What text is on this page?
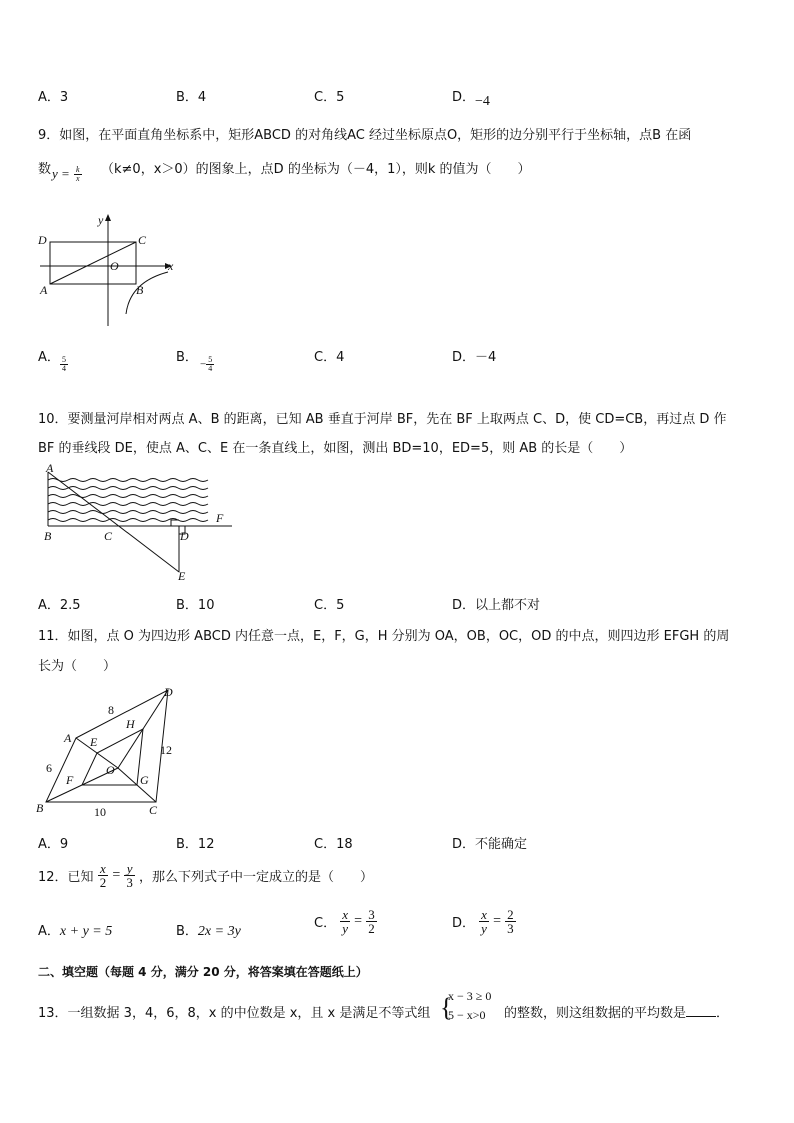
A．3	B．4	C．5	D．−4
9．如图，在平面直角坐标系中，矩形ABCD 的对角线AC 经过坐标原点O，矩形的边分别平行于坐标轴，点B 在函
数	（k≠0，x＞0）的图象上，点D 的坐标为（－4，1），则k 的值为（　　）
$y = \frac{k}{x}$
D	C
A	B
O	x
y
A． $\frac{5}{4}$	B． − $\frac{5}{4}$	C．4	D．－4
10．要测量河岸相对两点 A、B 的距离，已知 AB 垂直于河岸 BF，先在 BF 上取两点 C、D，使 CD=CB，再过点 D 作
BF 的垂线段 DE，使点 A、C、E 在一条直线上，如图，测出 BD=10，ED=5，则 AB 的长是（　　）
A
B	C	D
E
F
A．2.5	B．10	C．5	D．以上都不对
11．如图，点 O 为四边形 ABCD 内任意一点，E，F，G，H 分别为 OA，OB，OC，OD 的中点，则四边形 EFGH 的周
长为（　　）
A
B	C
D
E
F	G
H
O
8
6
10
12
A．9	B．12	C．18	D．不能确定
12．已知 $\frac{x}{2} = \frac{y}{3}$ ，那么下列式子中一定成立的是（　　）
A．x + y = 5	B．2x = 3y
C． $\frac{x}{y} = \frac{3}{2}$	D． $\frac{x}{y} = \frac{2}{3}$
二、填空题（每题 4 分，满分 20 分，将答案填在答题纸上）
13．一组数据 3，4，6，8，x 的中位数是 x，且 x 是满足不等式组 {
x − 3 ≥ 0
5 − x>0 的整数，则这组数据的平均数是 ．
